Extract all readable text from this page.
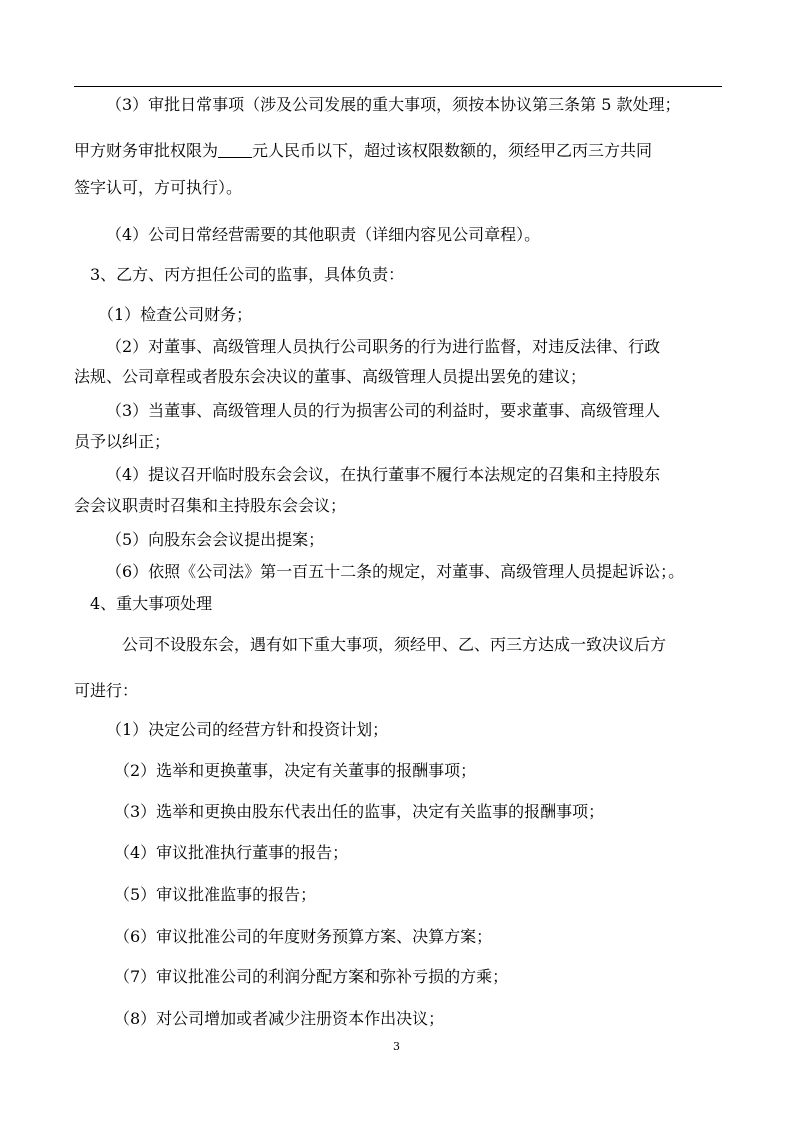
（3）审批日常事项（涉及公司发展的重大事项，须按本协议第三条第 5 款处理；
甲方财务审批权限为 元人民币以下，超过该权限数额的，须经甲乙丙三方共同
签字认可，方可执行）。
（4）公司日常经营需要的其他职责（详细内容见公司章程）。
3、乙方、丙方担任公司的监事，具体负责：
（1）检查公司财务；
（2）对董事、高级管理人员执行公司职务的行为进行监督，对违反法律、行政
法规、公司章程或者股东会决议的董事、高级管理人员提出罢免的建议；
（3）当董事、高级管理人员的行为损害公司的利益时，要求董事、高级管理人
员予以纠正；
（4）提议召开临时股东会会议，在执行董事不履行本法规定的召集和主持股东
会会议职责时召集和主持股东会会议；
（5）向股东会会议提出提案；
（6）依照《公司法》第一百五十二条的规定，对董事、高级管理人员提起诉讼；。
4、重大事项处理
公司不设股东会，遇有如下重大事项，须经甲、乙、丙三方达成一致决议后方
可进行：
（1）决定公司的经营方针和投资计划；
（2）选举和更换董事，决定有关董事的报酬事项；
（3）选举和更换由股东代表出任的监事，决定有关监事的报酬事项；
（4）审议批准执行董事的报告；
（5）审议批准监事的报告；
（6）审议批准公司的年度财务预算方案、决算方案；
（7）审议批准公司的利润分配方案和弥补亏损的方乘；
（8）对公司增加或者减少注册资本作出决议；
3
